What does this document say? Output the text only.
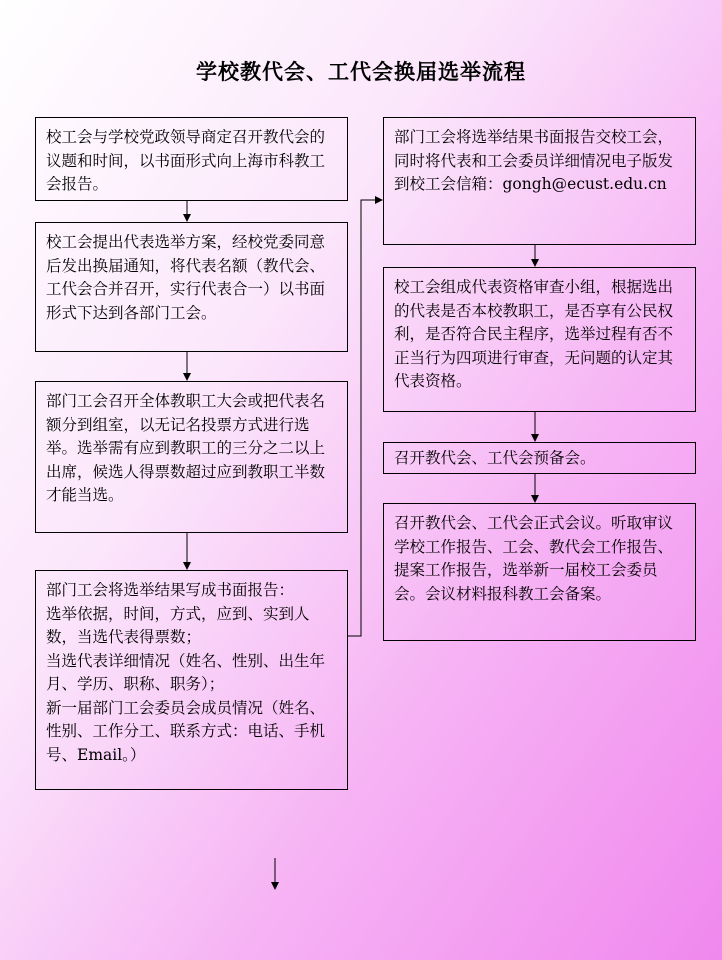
学校教代会、工代会换届选举流程

校工会与学校党政领导商定召开教代会的议题和时间，以书面形式向上海市科教工会报告。

校工会提出代表选举方案，经校党委同意后发出换届通知，将代表名额（教代会、工代会合并召开，实行代表合一）以书面形式下达到各部门工会。

部门工会召开全体教职工大会或把代表名额分到组室，以无记名投票方式进行选举。选举需有应到教职工的三分之二以上出席，候选人得票数超过应到教职工半数才能当选。

部门工会将选举结果写成书面报告：

选举依据，时间，方式，应到、实到人数，当选代表得票数；

当选代表详细情况（姓名、性别、出生年月、学历、职称、职务）；

新一届部门工会委员会成员情况（姓名、性别、工作分工、联系方式：电话、手机号、Email。）

部门工会将选举结果书面报告交校工会，同时将代表和工会委员详细情况电子版发到校工会信箱：gongh@ecust.edu.cn

校工会组成代表资格审查小组，根据选出的代表是否本校教职工，是否享有公民权利，是否符合民主程序，选举过程有否不正当行为四项进行审查，无问题的认定其代表资格。

召开教代会、工代会预备会。

召开教代会、工代会正式会议。听取审议学校工作报告、工会、教代会工作报告、提案工作报告，选举新一届校工会委员会。会议材料报科教工会备案。
